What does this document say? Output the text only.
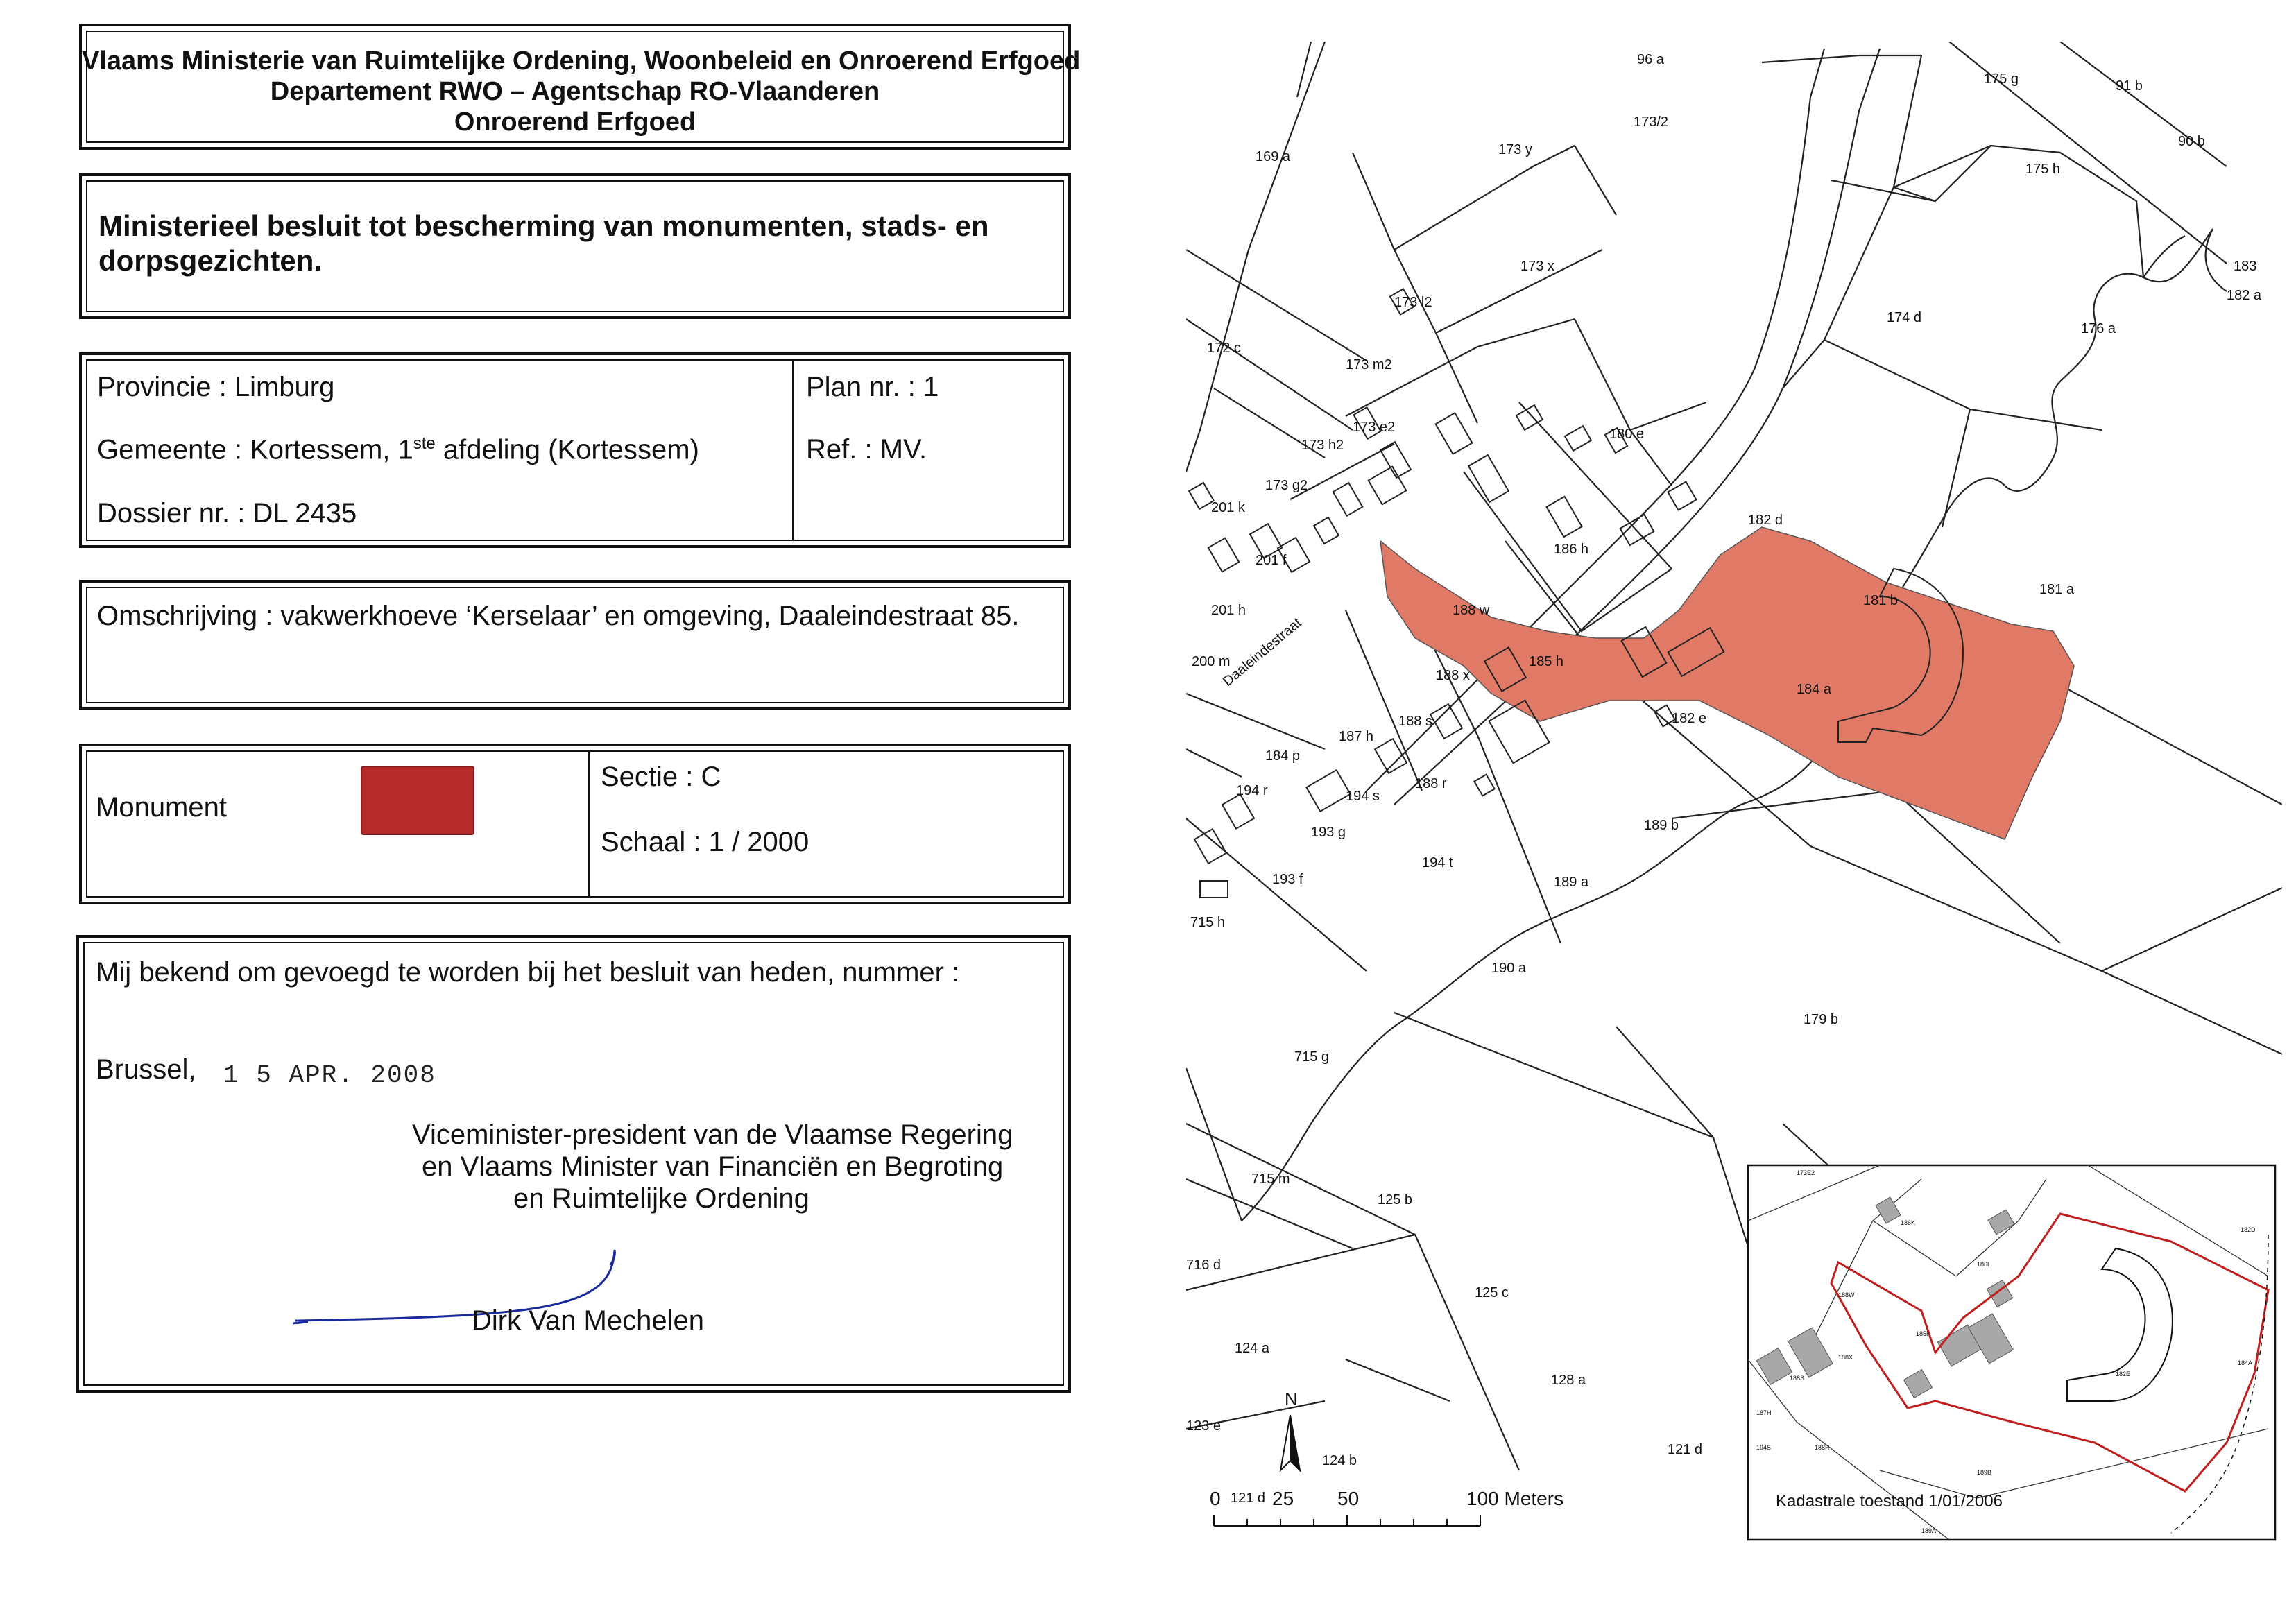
Vlaams Ministerie van Ruimtelijke Ordening, Woonbeleid en Onroerend Erfgoed
Departement RWO – Agentschap RO-Vlaanderen
Onroerend Erfgoed
Ministerieel besluit tot bescherming van monumenten, stads- en
dorpsgezichten.
Provincie : Limburg
Gemeente : Kortessem, 1ste afdeling (Kortessem)
Dossier nr. : DL 2435
Plan nr. : 1
Ref. : MV.
Omschrijving : vakwerkhoeve ‘Kerselaar’ en omgeving, Daaleindestraat 85.
Monument
Sectie : C
Schaal : 1 / 2000
Mij bekend om gevoegd te worden bij het besluit van heden, nummer :
Brussel, 1 5 APR. 2008
Viceminister-president van de Vlaamse Regering
en Vlaams Minister van Financiën en Begroting
en Ruimtelijke Ordening
Dirk Van Mechelen
96 a
173/2
175 g	91 b
90 b
175 h
169 a	173 y
173 x	183
182 a
176 a
174 d
173 l2
172 c
173 m2
173 e2
173 h2
180 e
173 g2
201 k
186 h
182 d
201 f
181 a
181 b
188 w
201 h
200 m	185 h
188 x
184 a
182 e
188 s
184 p
187 h
188 r
194 r	194 s
189 b
193 g
194 t
193 f	189 a
715 h
190 a
179 b
715 g
715 m
125 b
716 d
125 c
124 a
128 a
123 e
124 b
121 d
121 d
Daaleindestraat
N
0	25 50	100 Meters
173E2
182D
186K
186L
188W
185H
184A
188X
182E
188S
187H
194S	188R
189B
189A
Kadastrale toestand 1/01/2006
